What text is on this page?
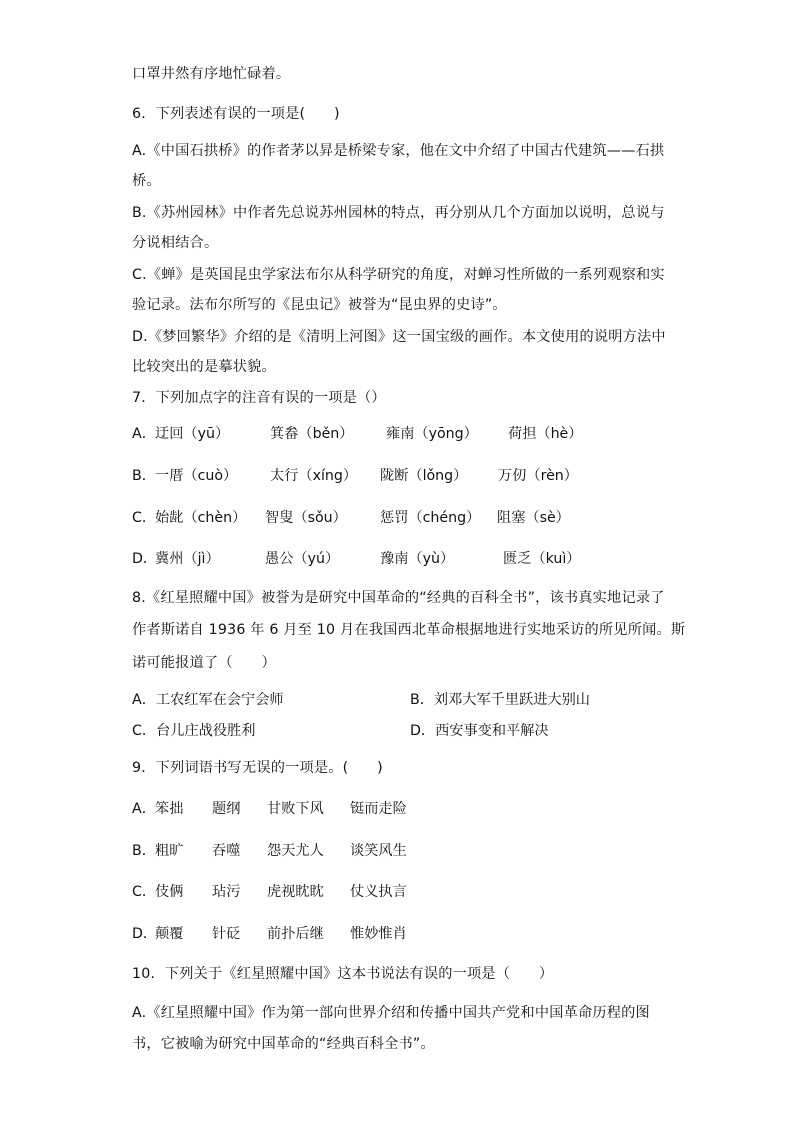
口罩井然有序地忙碌着。
6．下列表述有误的一项是(　　)
A.《中国石拱桥》的作者茅以昇是桥梁专家，他在文中介绍了中国古代建筑——石拱
桥。
B.《苏州园林》中作者先总说苏州园林的特点，再分别从几个方面加以说明，总说与
分说相结合。
C.《蝉》是英国昆虫学家法布尔从科学研究的角度，对蝉习性所做的一系列观察和实
验记录。法布尔所写的《昆虫记》被誉为“昆虫界的史诗”。
D.《梦回繁华》介绍的是《清明上河图》这一国宝级的画作。本文使用的说明方法中
比较突出的是摹状貌。
7．下列加点字的注音有误的一项是（）
A． 迂回（yū）	箕畚（běn） 雍南（yōng） 荷担（hè）
B． 一厝（cuò） 太行（xíng） 陇断（lǒng） 万仞（rèn）
C．
始龀（chèn） 智叟（sǒu） 惩罚（chéng） 阻塞（sè）
D．
冀州（jì）	愚公（yú）	豫南（yù）	匮乏（kuì）
8.《红星照耀中国》被誉为是研究中国革命的“经典的百科全书”，该书真实地记录了
作者斯诺自 1936 年 6 月至 10 月在我国西北革命根据地进行实地采访的所见所闻。斯
诺可能报道了（　　）
A．工农红军在会宁会师	B．刘邓大军千里跃进大别山
C．台儿庄战役胜利	D．西安事变和平解决
9．下列词语书写无误的一项是。(　　)
A． 笨拙 题纲 甘败下风 铤而走险
B． 粗旷 吞噬 怨天尤人 谈笑风生
C．
伎俩 玷污 虎视眈眈 仗义执言
D．
颠覆 针砭 前扑后继 惟妙惟肖
10．下列关于《红星照耀中国》这本书说法有误的一项是（　　）
A.《红星照耀中国》作为第一部向世界介绍和传播中国共产党和中国革命历程的图
书，它被喻为研究中国革命的“经典百科全书”。
